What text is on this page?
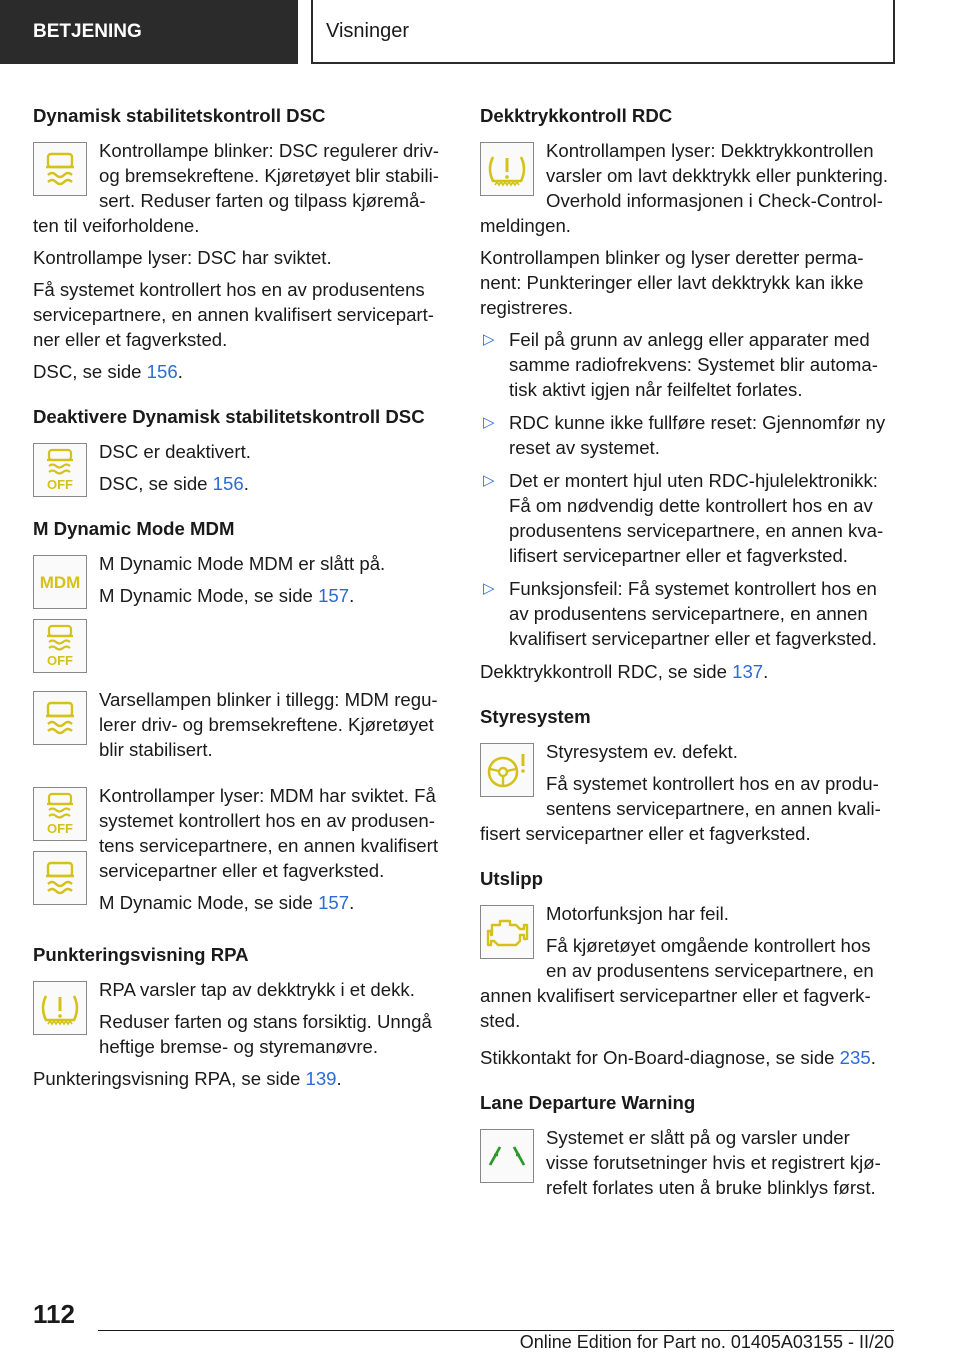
BETJENING	Visninger
Dynamisk stabilitetskontroll DSC

Kontrollampe blinker: DSC regulerer driv- og bremsekreftene. Kjøretøyet blir stabili- sert. Reduser farten og tilpass kjøremå- ten til veiforholdene.

Kontrollampe lyser: DSC har sviktet.

Få systemet kontrollert hos en av produsentens servicepartnere, en annen kvalifisert servicepart- ner eller et fagverksted.

DSC, se side 156.

Deaktivere Dynamisk stabilitetskontroll DSC
OFF

DSC er deaktivert.

DSC, se side 156.

M Dynamic Mode MDM
MDM

M Dynamic Mode MDM er slått på.

M Dynamic Mode, se side 157.

OFF

Varsellampen blinker i tillegg: MDM regu- lerer driv- og bremsekreftene. Kjøretøyet blir stabilisert.

OFF

Kontrollamper lyser: MDM har sviktet. Få systemet kontrollert hos en av produsen- tens servicepartnere, en annen kvalifisert servicepartner eller et fagverksted.

M Dynamic Mode, se side 157.

Punkteringsvisning RPA

RPA varsler tap av dekktrykk i et dekk.

Reduser farten og stans forsiktig. Unngå heftige bremse- og styremanøvre.

Punkteringsvisning RPA, se side 139.

Dekktrykkontroll RDC

Kontrollampen lyser: Dekktrykkontrollen varsler om lavt dekktrykk eller punktering. Overhold informasjonen i Check-Control- meldingen.

Kontrollampen blinker og lyser deretter perma- nent: Punkteringer eller lavt dekktrykk kan ikke registreres.

▷ Feil på grunn av anlegg eller apparater med samme radiofrekvens: Systemet blir automa- tisk aktivt igjen når feilfeltet forlates.
▷ RDC kunne ikke fullføre reset: Gjennomfør ny reset av systemet.
▷ Det er montert hjul uten RDC-hjulelektronikk: Få om nødvendig dette kontrollert hos en av produsentens servicepartnere, en annen kva- lifisert servicepartner eller et fagverksted.
▷ Funksjonsfeil: Få systemet kontrollert hos en av produsentens servicepartnere, en annen kvalifisert servicepartner eller et fagverksted.

Dekktrykkontroll RDC, se side 137.

Styresystem

Styresystem ev. defekt.

Få systemet kontrollert hos en av produ- sentens servicepartnere, en annen kvali- fisert servicepartner eller et fagverksted.

Utslipp

Motorfunksjon har feil.

Få kjøretøyet omgående kontrollert hos en av produsentens servicepartnere, en annen kvalifisert servicepartner eller et fagverk- sted.

Stikkontakt for On-Board-diagnose, se side 235.

Lane Departure Warning

Systemet er slått på og varsler under visse forutsetninger hvis et registrert kjø- refelt forlates uten å bruke blinklys først.

112
Online Edition for Part no. 01405A03155 - II/20
